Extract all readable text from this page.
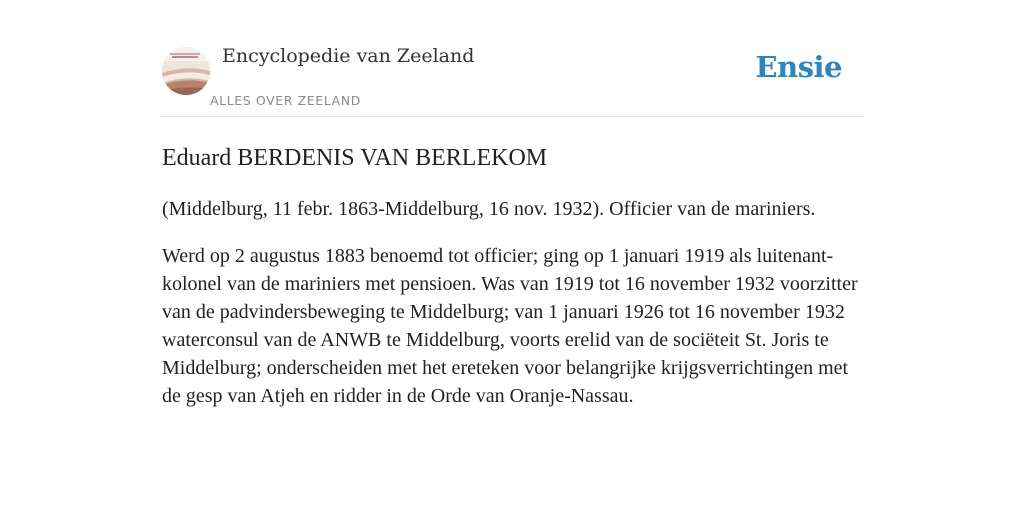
Encyclopedie van Zeeland
ALLES OVER ZEELAND
Ensie
Eduard BERDENIS VAN BERLEKOM

(Middelburg, 11 febr. 1863-Middelburg, 16 nov. 1932). Officier van de mariniers.

Werd op 2 augustus 1883 benoemd tot officier; ging op 1 januari 1919 als luitenant-kolonel van de mariniers met pensioen. Was van 1919 tot 16 november 1932 voorzitter van de padvindersbeweging te Middelburg; van 1 januari 1926 tot 16 november 1932 waterconsul van de ANWB te Middelburg, voorts erelid van de sociëteit St. Joris te Middelburg; onderscheiden met het ereteken voor belangrijke krijgsverrichtingen met de gesp van Atjeh en ridder in de Orde van Oranje-Nassau.
